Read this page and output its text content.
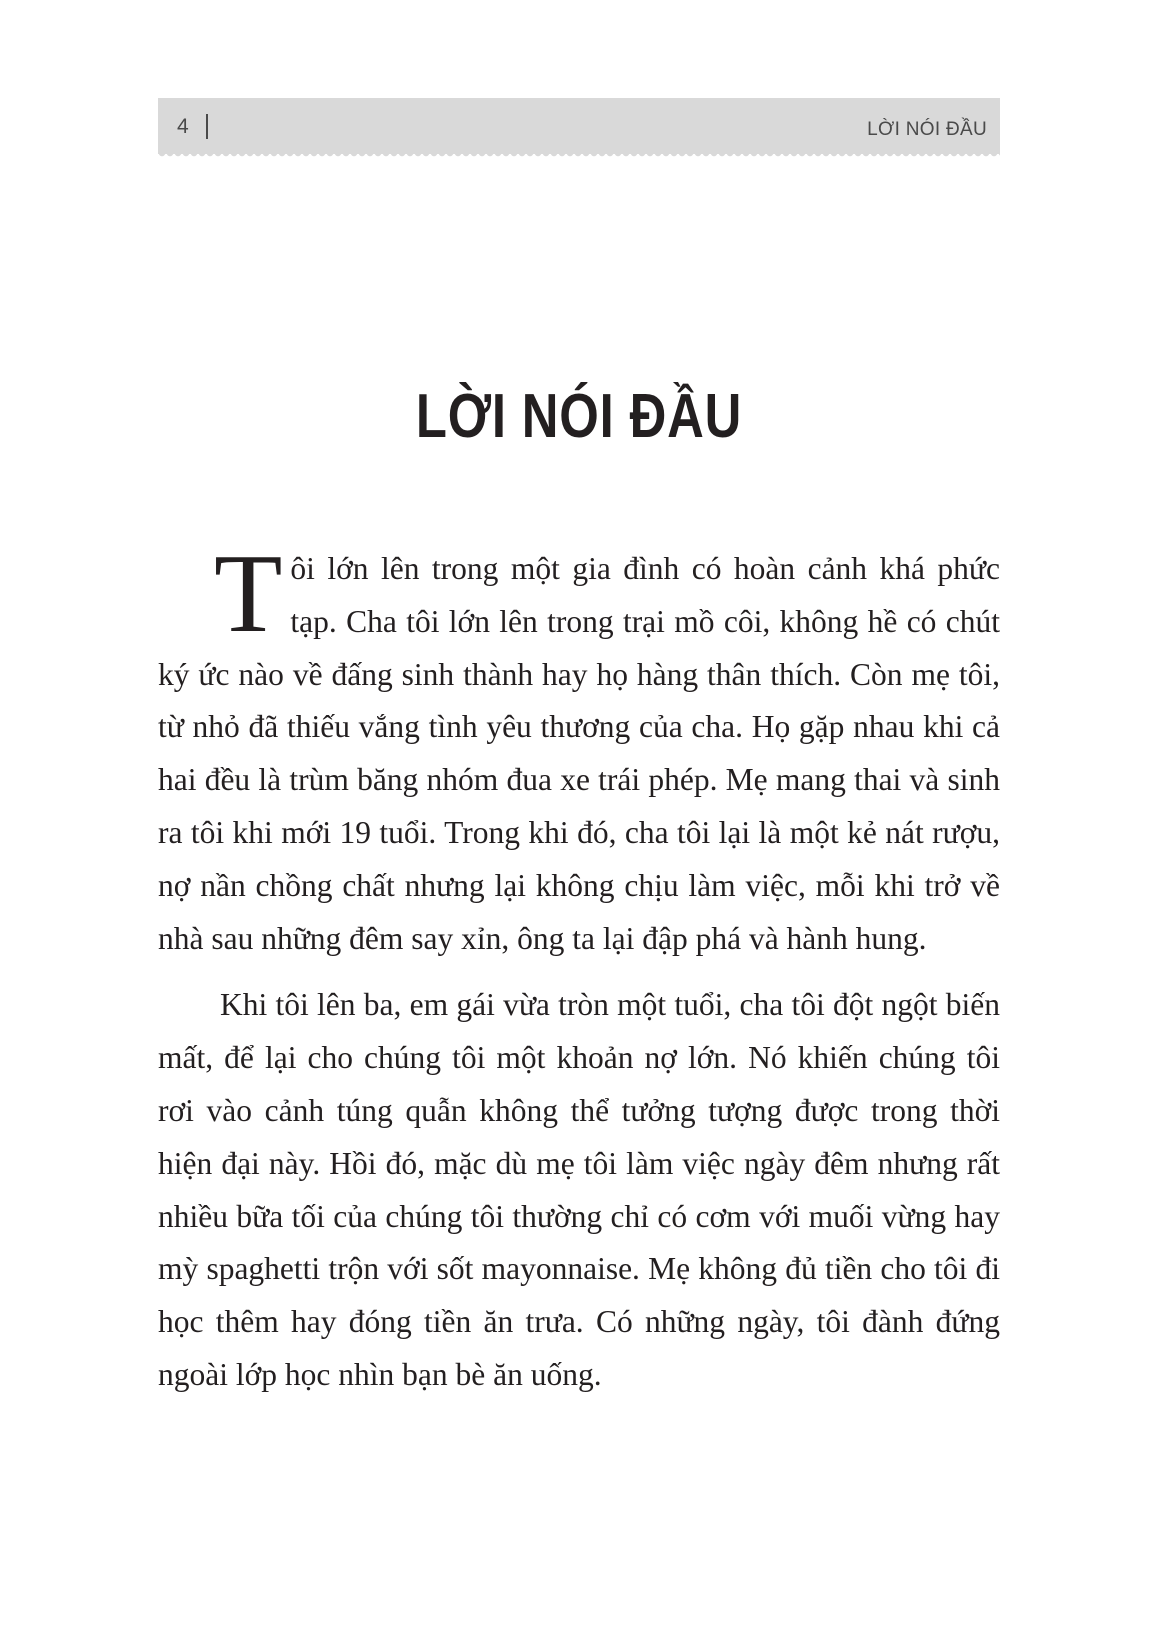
4	LỜI NÓI ĐẦU
LỜI NÓI ĐẦU

T ôi lớn lên trong một gia đình có hoàn cảnh khá phức tạp. Cha tôi lớn lên trong trại mồ côi, không hề có chút ký ức nào về đấng sinh thành hay họ hàng thân thích. Còn mẹ tôi, từ nhỏ đã thiếu vắng tình yêu thương của cha. Họ gặp nhau khi cả hai đều là trùm băng nhóm đua xe trái phép. Mẹ mang thai và sinh ra tôi khi mới 19 tuổi. Trong khi đó, cha tôi lại là một kẻ nát rượu, nợ nần chồng chất nhưng lại không chịu làm việc, mỗi khi trở về nhà sau những đêm say xỉn, ông ta lại đập phá và hành hung.

Khi tôi lên ba, em gái vừa tròn một tuổi, cha tôi đột ngột biến mất, để lại cho chúng tôi một khoản nợ lớn. Nó khiến chúng tôi rơi vào cảnh túng quẫn không thể tưởng tượng được trong thời hiện đại này. Hồi đó, mặc dù mẹ tôi làm việc ngày đêm nhưng rất nhiều bữa tối của chúng tôi thường chỉ có cơm với muối vừng hay mỳ spaghetti trộn với sốt mayonnaise. Mẹ không đủ tiền cho tôi đi học thêm hay đóng tiền ăn trưa. Có những ngày, tôi đành đứng ngoài lớp học nhìn bạn bè ăn uống.
